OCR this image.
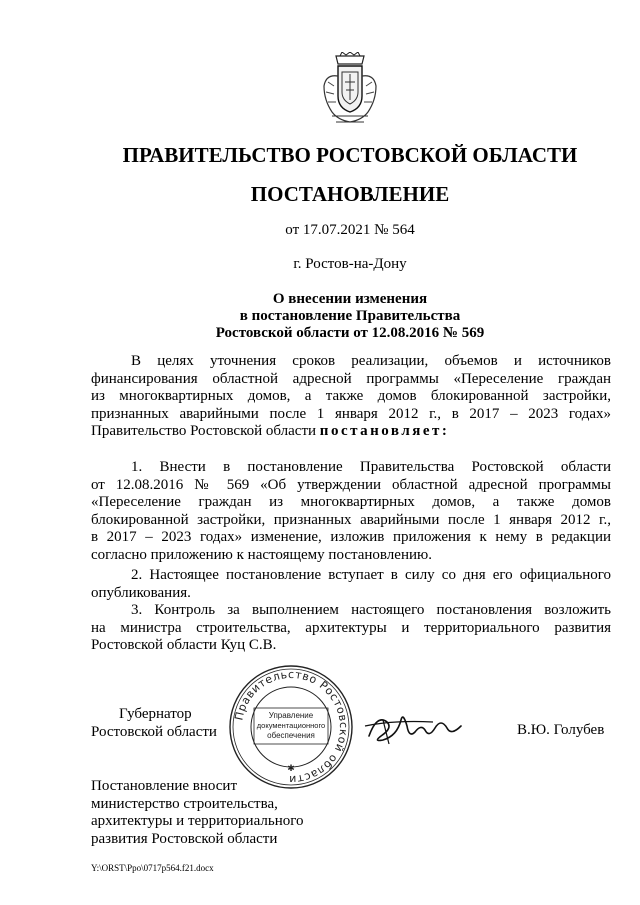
ПРАВИТЕЛЬСТВО РОСТОВСКОЙ ОБЛАСТИ
ПОСТАНОВЛЕНИЕ
от 17.07.2021 № 564
г. Ростов-на-Дону
О внесении изменения
в постановление Правительства
Ростовской области от 12.08.2016 № 569
В целях уточнения сроков реализации, объемов и источников
финансирования областной адресной программы «Переселение граждан
из многоквартирных домов, а также домов блокированной застройки,
признанных аварийными после 1 января 2012 г., в 2017 – 2023 годах»
Правительство Ростовской области постановляет:
1. Внести в постановление Правительства Ростовской области
от 12.08.2016 № 569 «Об утверждении областной адресной программы
«Переселение граждан из многоквартирных домов, а также домов
блокированной застройки, признанных аварийными после 1 января 2012 г.,
в 2017 – 2023 годах» изменение, изложив приложения к нему в редакции
согласно приложению к настоящему постановлению.
2. Настоящее постановление вступает в силу со дня его официального
опубликования.
3. Контроль за выполнением настоящего постановления возложить
на министра строительства, архитектуры и территориального развития
Ростовской области Куц С.В.
Правительство Ростовской области
✱
Управление
документационного
обеспечения
Губернатор
Ростовской области	В.Ю. Голубев
Постановление вносит
министерство строительства,
архитектуры и территориального
развития Ростовской области
Y:\ORST\Ppo\0717p564.f21.docx
